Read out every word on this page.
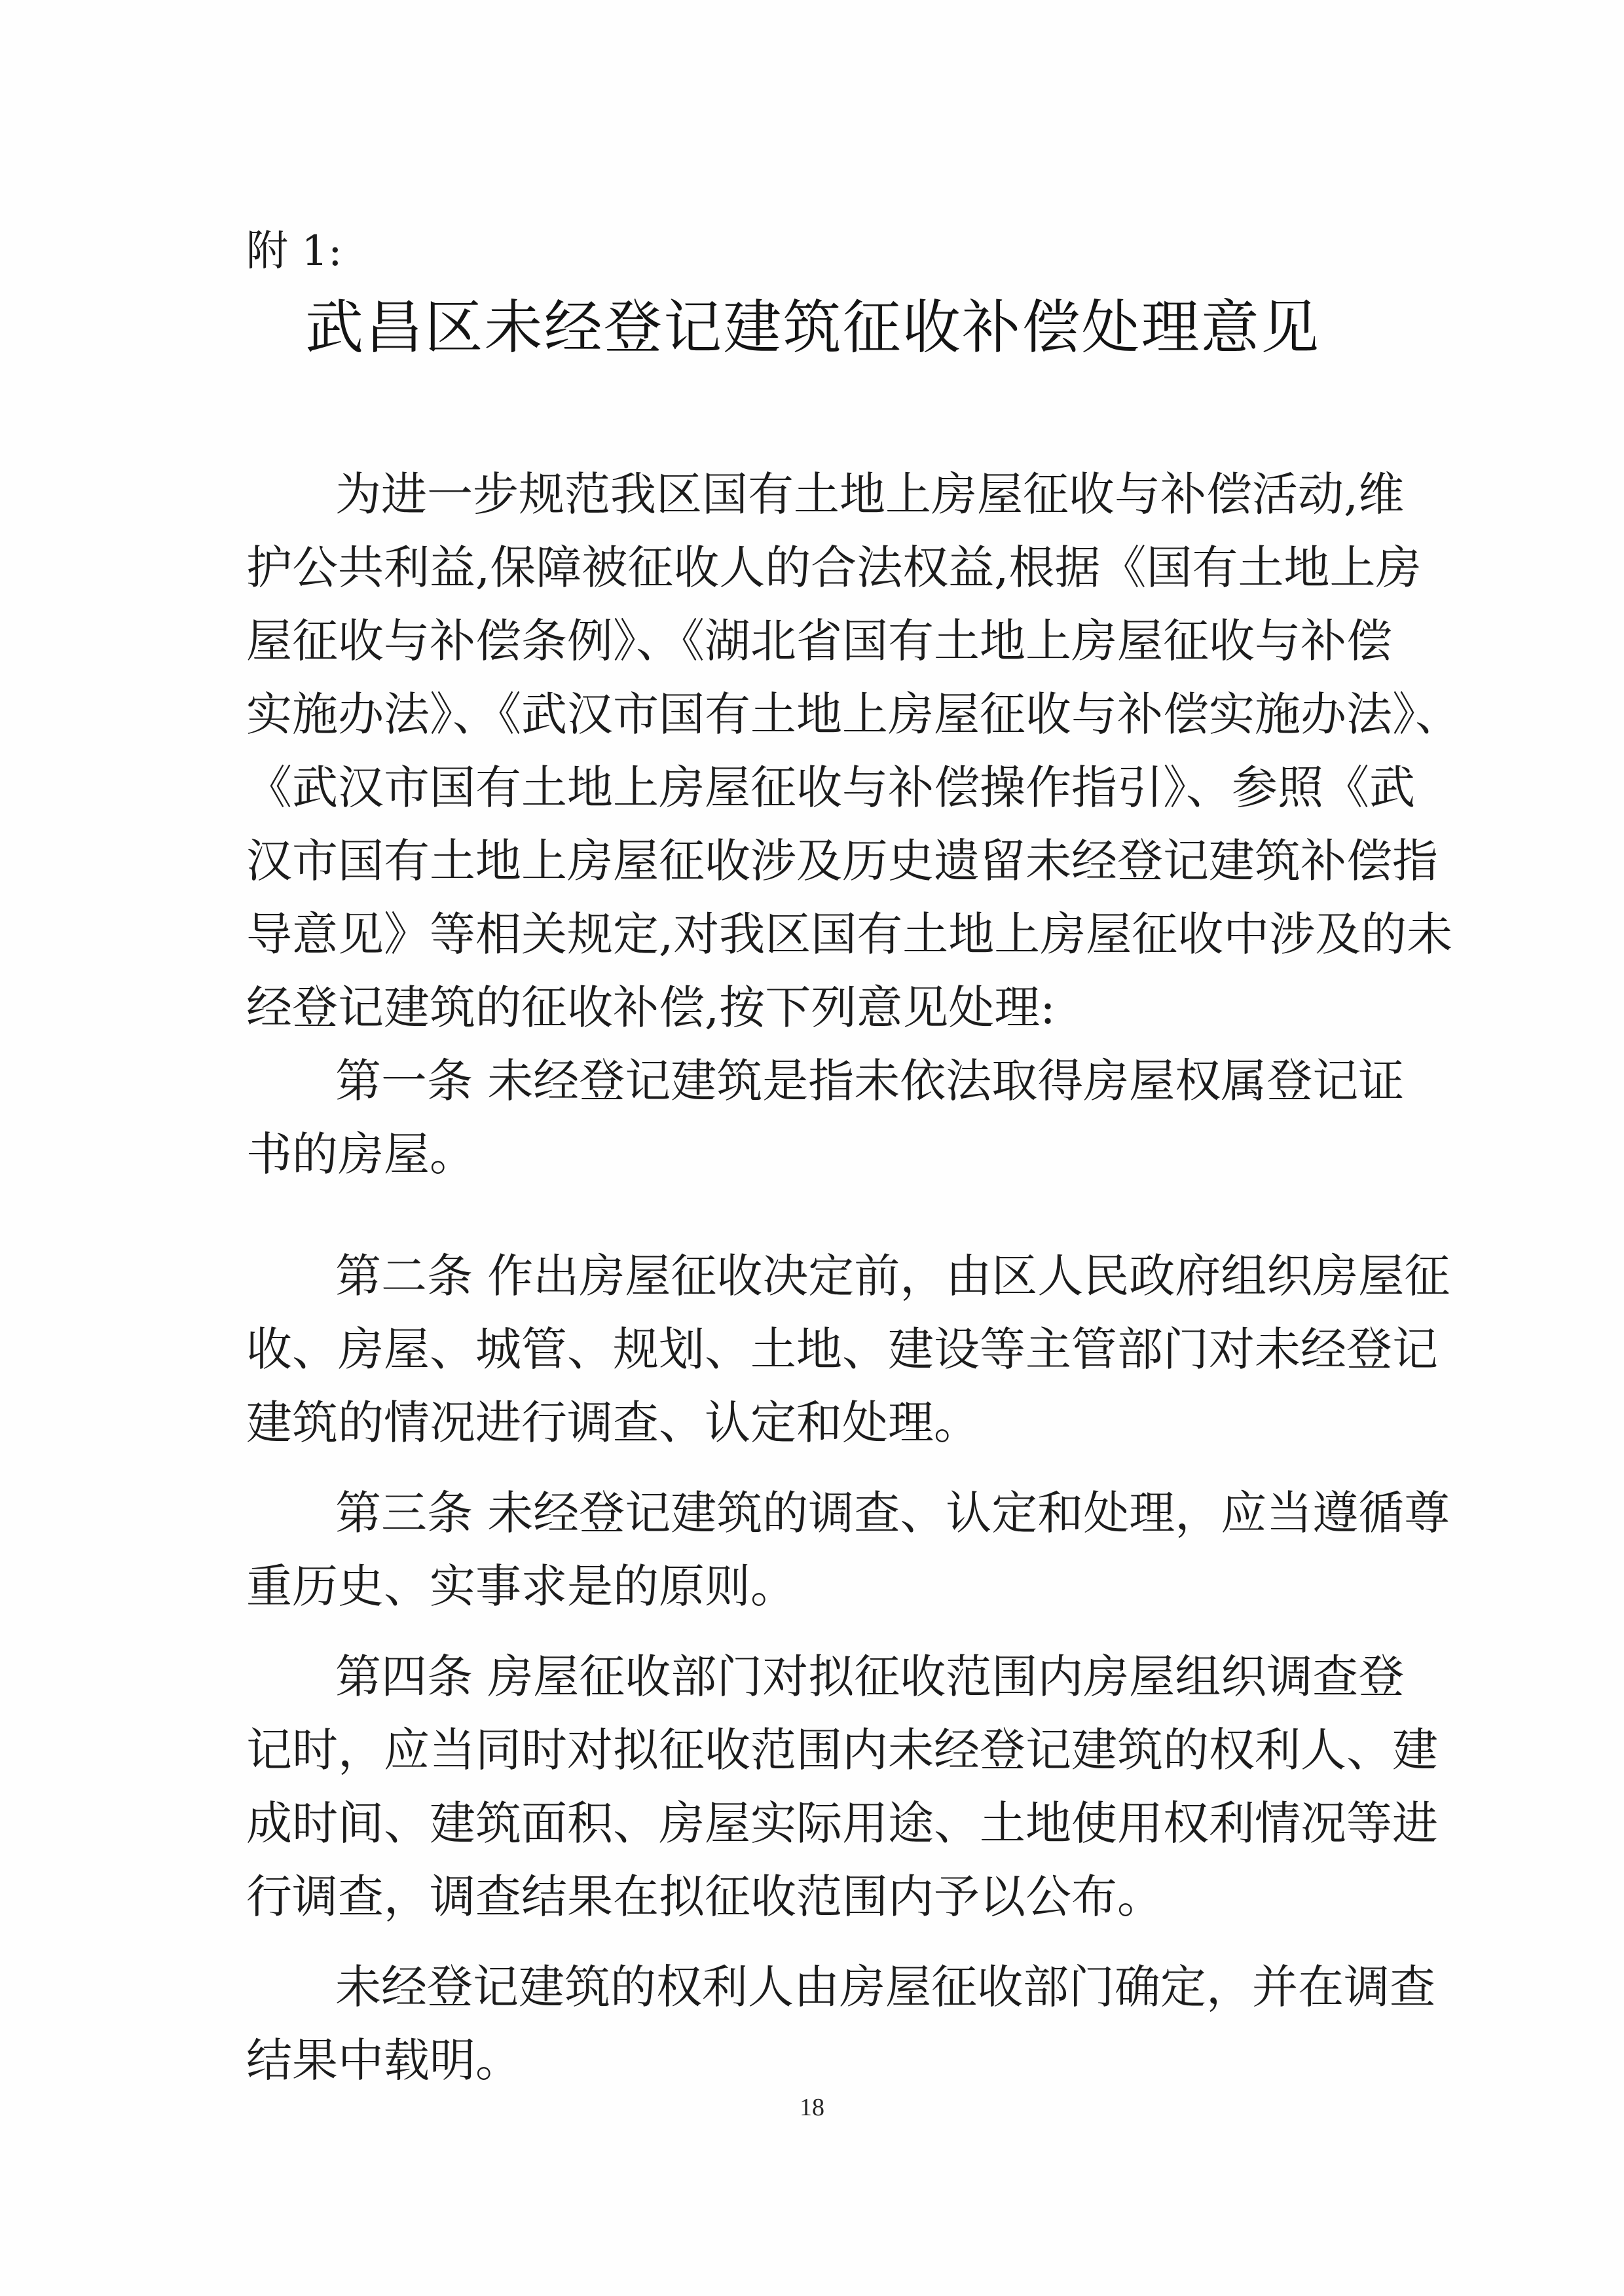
附 1:
武昌区未经登记建筑征收补偿处理意见
为进一步规范我区国有土地上房屋征收与补偿活动,维
护公共利益,保障被征收人的合法权益,根据《国有土地上房
屋征收与补偿条例》、《湖北省国有土地上房屋征收与补偿
实施办法》、《武汉市国有土地上房屋征收与补偿实施办法》、
《武汉市国有土地上房屋征收与补偿操作指引》、参照《武
汉市国有土地上房屋征收涉及历史遗留未经登记建筑补偿指
导意见》等相关规定,对我区国有土地上房屋征收中涉及的未
经登记建筑的征收补偿,按下列意见处理:
第一条 未经登记建筑是指未依法取得房屋权属登记证
书的房屋。
第二条 作出房屋征收决定前，由区人民政府组织房屋征
收、房屋、城管、规划、土地、建设等主管部门对未经登记
建筑的情况进行调查、认定和处理。
第三条 未经登记建筑的调查、认定和处理，应当遵循尊
重历史、实事求是的原则。
第四条 房屋征收部门对拟征收范围内房屋组织调查登
记时，应当同时对拟征收范围内未经登记建筑的权利人、建
成时间、建筑面积、房屋实际用途、土地使用权利情况等进
行调查，调查结果在拟征收范围内予以公布。
未经登记建筑的权利人由房屋征收部门确定，并在调查
结果中载明。
18
